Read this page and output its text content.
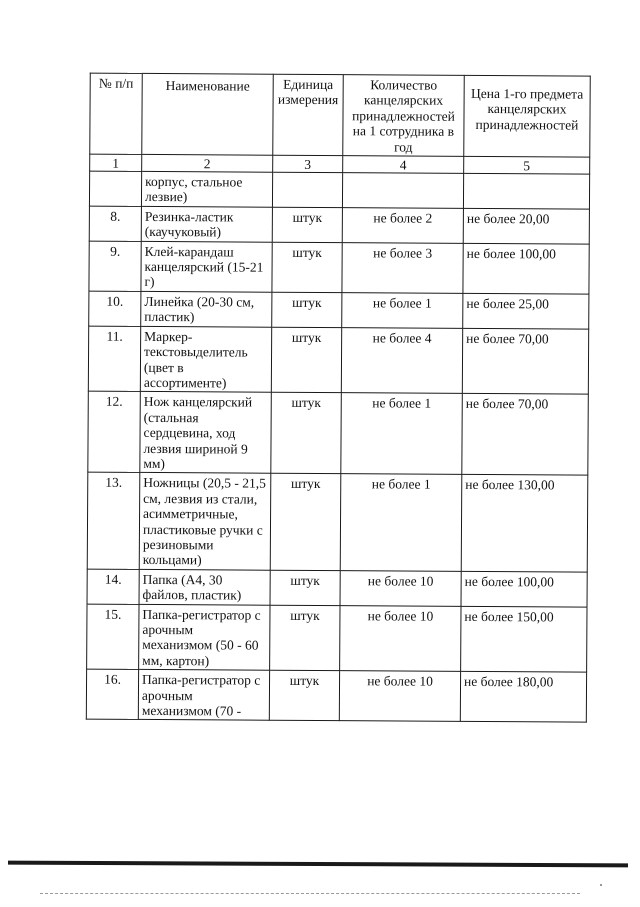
№ п/п	Наименование	Единица измерения	Количество канцелярских принадлежностей на 1 сотрудника в год	Цена 1-го предмета канцелярских принадлежностей
1	2	3	4	5
	корпус, стальное лезвие)			
8.	Резинка-ластик (каучуковый)	штук	не более 2	не более 20,00
9.	Клей-карандаш канцелярский (15-21 г)	штук	не более 3	не более 100,00
10.	Линейка (20-30 см, пластик)	штук	не более 1	не более 25,00
11.	Маркер-текстовыделитель (цвет в ассортименте)	штук	не более 4	не более 70,00
12.	Нож канцелярский (стальная сердцевина, ход лезвия шириной 9 мм)	штук	не более 1	не более 70,00
13.	Ножницы (20,5 - 21,5 см, лезвия из стали, асимметричные, пластиковые ручки с резиновыми кольцами)	штук	не более 1	не более 130,00
14.	Папка (А4, 30 файлов, пластик)	штук	не более 10	не более 100,00
15.	Папка-регистратор с арочным механизмом (50 - 60 мм, картон)	штук	не более 10	не более 150,00
16.	Папка-регистратор с арочным механизмом (70 -	штук	не более 10	не более 180,00
